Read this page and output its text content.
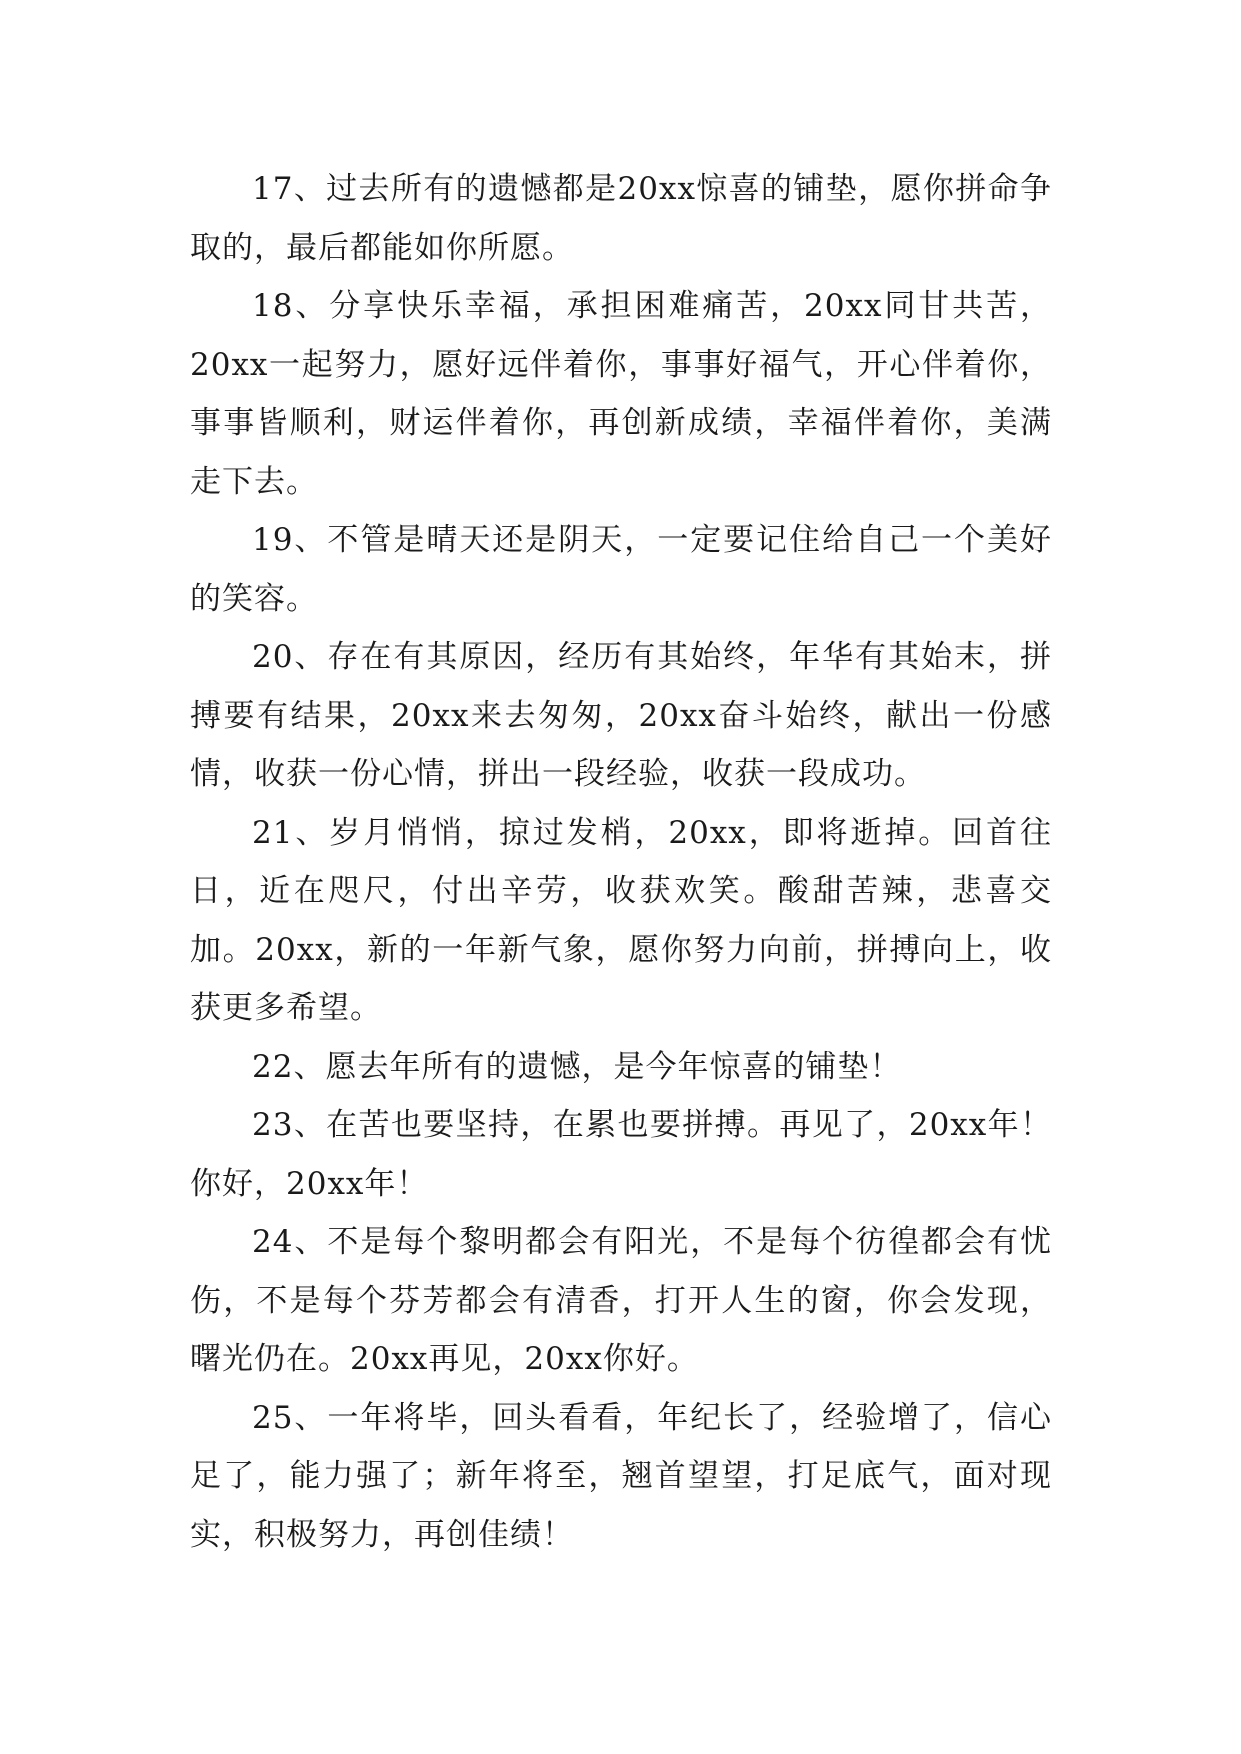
17、过去所有的遗憾都是20xx惊喜的铺垫，愿你拼命争取的，最后都能如你所愿。

18、分享快乐幸福，承担困难痛苦，20xx同甘共苦，20xx一起努力，愿好远伴着你，事事好福气，开心伴着你，事事皆顺利，财运伴着你，再创新成绩，幸福伴着你，美满走下去。

19、不管是晴天还是阴天，一定要记住给自己一个美好的笑容。

20、存在有其原因，经历有其始终，年华有其始末，拼搏要有结果，20xx来去匆匆，20xx奋斗始终，献出一份感情，收获一份心情，拼出一段经验，收获一段成功。

21、岁月悄悄，掠过发梢，20xx，即将逝掉。回首往日，近在咫尺，付出辛劳，收获欢笑。酸甜苦辣，悲喜交加。20xx，新的一年新气象，愿你努力向前，拼搏向上，收获更多希望。

22、愿去年所有的遗憾，是今年惊喜的铺垫！

23、在苦也要坚持，在累也要拼搏。再见了，20xx年！你好，20xx年！

24、不是每个黎明都会有阳光，不是每个彷徨都会有忧伤，不是每个芬芳都会有清香，打开人生的窗，你会发现，曙光仍在。20xx再见，20xx你好。

25、一年将毕，回头看看，年纪长了，经验增了，信心足了，能力强了；新年将至，翘首望望，打足底气，面对现实，积极努力，再创佳绩！
